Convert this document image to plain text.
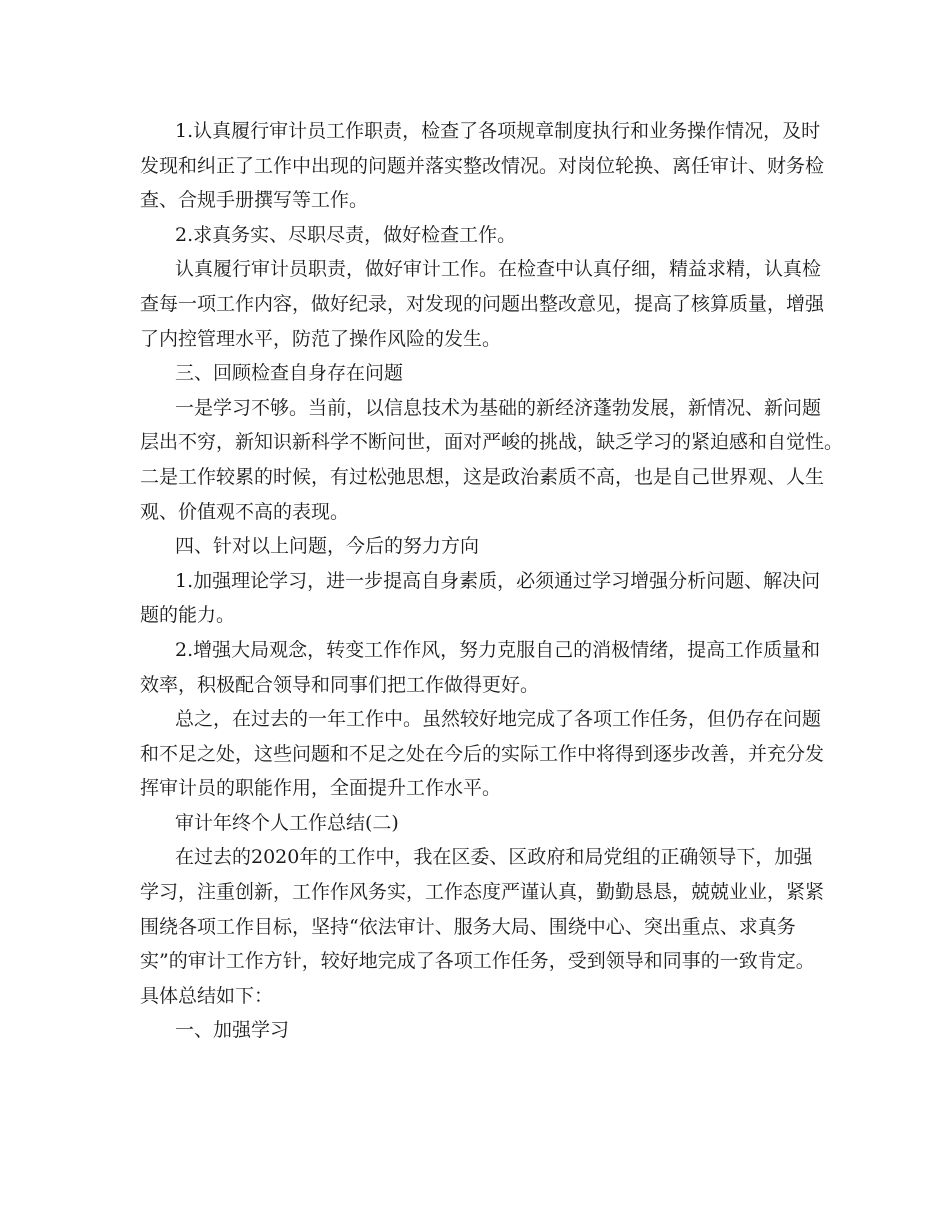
1.认真履行审计员工作职责，检查了各项规章制度执行和业务操作情况，及时
发现和纠正了工作中出现的问题并落实整改情况。对岗位轮换、离任审计、财务检
查、合规手册撰写等工作。
2.求真务实、尽职尽责，做好检查工作。
认真履行审计员职责，做好审计工作。在检查中认真仔细，精益求精，认真检
查每一项工作内容，做好纪录，对发现的问题出整改意见，提高了核算质量，增强
了内控管理水平，防范了操作风险的发生。
三、回顾检查自身存在问题
一是学习不够。当前，以信息技术为基础的新经济蓬勃发展，新情况、新问题
层出不穷，新知识新科学不断问世，面对严峻的挑战，缺乏学习的紧迫感和自觉性。
二是工作较累的时候，有过松弛思想，这是政治素质不高，也是自己世界观、人生
观、价值观不高的表现。
四、针对以上问题，今后的努力方向
1.加强理论学习，进一步提高自身素质，必须通过学习增强分析问题、解决问
题的能力。
2.增强大局观念，转变工作作风，努力克服自己的消极情绪，提高工作质量和
效率，积极配合领导和同事们把工作做得更好。
总之，在过去的一年工作中。虽然较好地完成了各项工作任务，但仍存在问题
和不足之处，这些问题和不足之处在今后的实际工作中将得到逐步改善，并充分发
挥审计员的职能作用，全面提升工作水平。
审计年终个人工作总结(二)
在过去的2020年的工作中，我在区委、区政府和局党组的正确领导下，加强
学习，注重创新，工作作风务实，工作态度严谨认真，勤勤恳恳，兢兢业业，紧紧
围绕各项工作目标，坚持“依法审计、服务大局、围绕中心、突出重点、求真务
实”的审计工作方针，较好地完成了各项工作任务，受到领导和同事的一致肯定。
具体总结如下：
一、加强学习
